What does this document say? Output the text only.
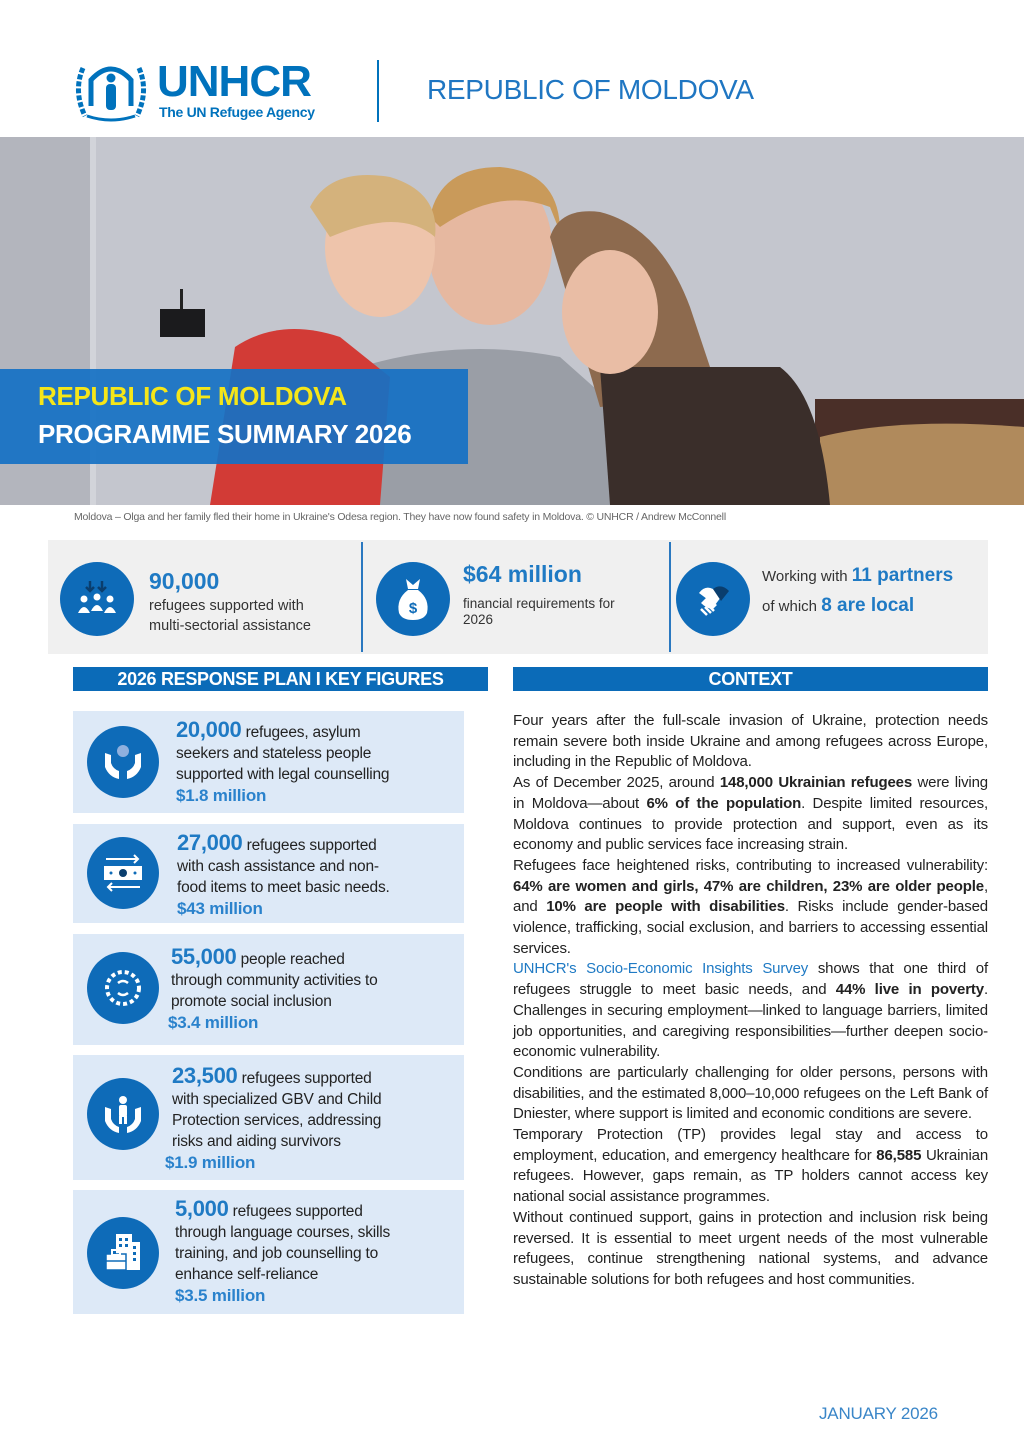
UNHCR
The UN Refugee Agency
REPUBLIC OF MOLDOVA
REPUBLIC OF MOLDOVA
PROGRAMME SUMMARY 2026
Moldova – Olga and her family fled their home in Ukraine's Odesa region. They have now found safety in Moldova. © UNHCR / Andrew McConnell
90,000
refugees supported with
multi-sectorial assistance
$
$64 million
financial requirements for
2026
Working with 11 partners
of which 8 are local
2026 RESPONSE PLAN I KEY FIGURES	CONTEXT
20,000 refugees, asylum
seekers and stateless people
supported with legal counselling
$1.8 million
27,000 refugees supported
with cash assistance and non-
food items to meet basic needs.
$43 million
55,000 people reached
through community activities to
promote social inclusion
$3.4 million
23,500 refugees supported
with specialized GBV and Child
Protection services, addressing
risks and aiding survivors
$1.9 million
5,000 refugees supported
through language courses, skills
training, and job counselling to
enhance self-reliance
$3.5 million

Four years after the full-scale invasion of Ukraine, protection needs remain severe both inside Ukraine and among refugees across Europe, including in the Republic of Moldova.

As of December 2025, around 148,000 Ukrainian refugees were living in Moldova—about 6% of the population. Despite limited resources, Moldova continues to provide protection and support, even as its economy and public services face increasing strain.

Refugees face heightened risks, contributing to increased vulnerability: 64% are women and girls, 47% are children, 23% are older people, and 10% are people with disabilities. Risks include gender-based violence, trafficking, social exclusion, and barriers to accessing essential services.

UNHCR's Socio-Economic Insights Survey shows that one third of refugees struggle to meet basic needs, and 44% live in poverty. Challenges in securing employment—linked to language barriers, limited job opportunities, and caregiving responsibilities—further deepen socio-economic vulnerability.

Conditions are particularly challenging for older persons, persons with disabilities, and the estimated 8,000–10,000 refugees on the Left Bank of Dniester, where support is limited and economic conditions are severe.

Temporary Protection (TP) provides legal stay and access to employment, education, and emergency healthcare for 86,585 Ukrainian refugees. However, gaps remain, as TP holders cannot access key national social assistance programmes.

Without continued support, gains in protection and inclusion risk being reversed. It is essential to meet urgent needs of the most vulnerable refugees, continue strengthening national systems, and advance sustainable solutions for both refugees and host communities.

JANUARY 2026
